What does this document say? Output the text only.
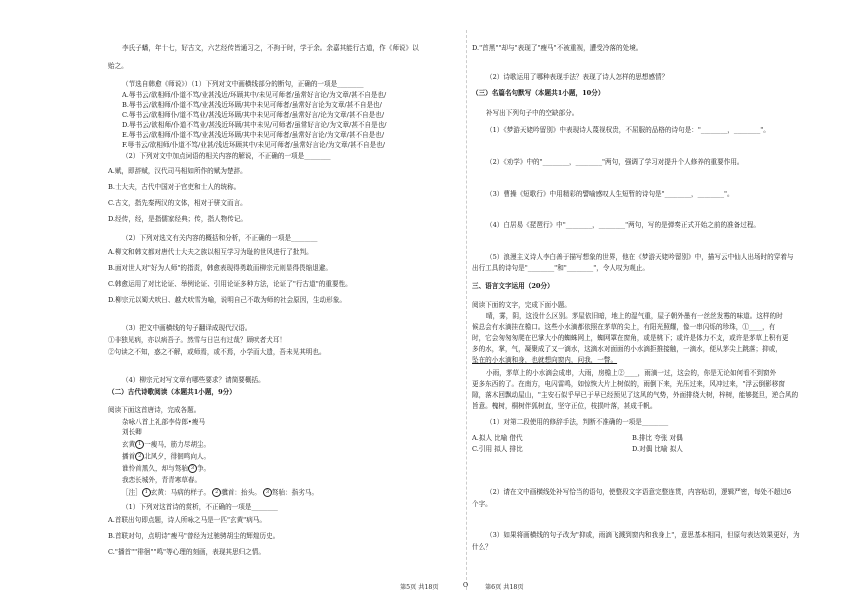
李氏子蟠，年十七，好古文，六艺经传皆通习之，不拘于时，学于余。余嘉其能行古道，作《师说》以
贻之。
（节选自韩愈《师说》）（1）下列对文中画横线部分的断句，正确的一项是________
A.辱书云/欲相师/仆道不笃/业甚浅近/环顾其中/未见可师者/虽常好言论/为文章/甚不自是也/
B.辱书云/欲相师/仆道不笃/业甚浅近环顾/其中未见可师者/虽常好言论为文章/甚不自是也/
C.辱书云/欲相师仆/道不笃业/甚浅近环顾/其中未见可师者/虽常好言/论为文章/甚不自是也/
D.辱书云/欲相师/仆道不笃业/甚浅近环顾/其中未见/可师者/虽常好言论/为文章/甚不自是也/
E.辱书云/欲相师/仆道不笃/业甚浅近环顾/其中未见可师者/虽常好言论/为文章/甚不自是也/
F.辱书云/欲相师/仆道不笃/业甚/浅近环顾其中/未见可师者/虽常好言论/为文章/甚不自是也/
（2）下列对文中加点词语的相关内容的解说，不正确的一项是________
A.赋，即辞赋，汉代司马相如所作的赋为楚辞。
B.士大夫，古代中国对于官吏和士人的统称。
C.古文，指先秦两汉的文体，相对于骈文而言。
D.经传，经，是指儒家经典；传，指人物传记。
（2）下列对选文有关内容的概括和分析，不正确的一项是________
A.柳文和韩文都对唐代士大夫之族以相互学习为耻的世风进行了批判。
B.面对世人对"好为人师"的指责，韩愈表现得勇敢而柳宗元则显得畏缩退避。
C.韩愈运用了对比论证、举例论证、引用论证多种方法，论证了"行古道"的重要性。
D.柳宗元以蜀犬吠日、越犬吠雪为喻，说明自己不敢为师的社会原因，生动形象。
（3）把文中画横线的句子翻译成现代汉语。
①非独见病，亦以病吾子。然雪与日岂有过哉？顾吠者犬耳！
②句读之不知，惑之不解，或师焉，或不焉，小学而大遗，吾未见其明也。
（4）柳宗元对写文章有哪些要求？请简要概括。
（二）古代诗歌阅读（本题共1小题，9分）
阅读下面这首唐诗，完成各题。
杂咏八首上礼部李侍郎•瘦马
刘长卿
玄黄 1 一瘦马，筋力尽胡尘。
播首 2 北风夕，徘徊鸣向人。
谁怜首黑久，却与驽骀 3 争。
我恋长城外，青青寒草春。
［注］ 1 玄黄：马病的样子。 2 骥首：抬头。 3 驽骀：指劣马。
（1）下列对这首诗的赏析，不正确的一项是________
A.首联出句即点题，诗人所咏之马是一匹"玄黄"病马。
B.首联对句，点明诗"瘦马"曾经为过驰骋胡尘的辉煌历史。
C."播首""徘徊""鸣"等心理的刻画，表现其思归之情。
D."首黑""却与"表现了"瘦马"不被重视，遭受冷落的处境。
（2）诗歌运用了哪种表现手法？表现了诗人怎样的思想感情？
（三）名篇名句默写（本题共1小题，10分）
补写出下列句子中的空缺部分。
（1）《梦游天姥吟留别》中表现诗人蔑视权贵，不屈服的品格的诗句是："________，________"。
（2）《劝学》中的"________，________"两句，强调了学习对提升个人修养的重要作用。
（3）曹操《短歌行》中用精彩的譬喻感叹人生短暂的诗句是"________，________"。
（4）白居易《琵琶行》中"________，________"两句，写的是弹奏正式开始之前的准备过程。
（5）浪漫主义诗人李白善于描写想象的世界，他在《梦游天姥吟留别》中，描写云中仙人出场时的穿着与
出行工具的诗句是"________"和"________"，令人叹为观止。
三、语言文字运用（20分）
阅读下面的文字，完成下面小题。
晴，雾，阴，这没什么区别。茅屋依旧暗，地上的湿气重，屋子朝外墨有一丝丝发霉的味道。这样的时
候总会有水滴挂在檐口。这些小水滴都依照在茅草的尖上，有阳光照耀，像一串闪烁的珍珠，①____，有
时，它会匆匆匆爬在巴掌大小的蜘蛛网上，蜘网罩在窗角，或是桃下；或许是体力不支，或许是茅草上积有更
多的水，掌，气，凝聚成了又一滴水，这滴水对面面的小水滴拒推接触，一滴水，便从茅尖上跳落；抑或，
坠在的小水滴和身，也就想向窗内，问我，一瞥。
小雨，茅草上的小水滴会成串，大雨，房檐上②____，雨滴一过，这会的，你是无论如何看不到窗外
更多东西的了。在南方，电闪雷鸣，如惊恢大片上树似的，雨倒下来，光压过来，风冲过来，"浮云倒影移窗
隙，落木回飘动屋山，"主安石似乎早已于早已经预见了这风的气势，外面排绕大树，梓树，能够挺旦，逆合风的
旨意。槐树，桐树伴狐树直，坚守正位，枝损叶落，甚成千帆。
（1）对第二段使用的修辞手法，判断不准确的一项是________
A.拟人 比喻 借代	B.排比 夸张 对偶
C.引用 拟人 排比	D.对偶 比喻 拟人
（2）请在文中画横线处补写恰当的语句，使整段文字语意完整连贯，内容贴切，逻辑严密，每处不超过6
个字。
（3）如果将画横线的句子改为"抑或，雨滴飞溅到窗内和我身上"，意思基本相同，但原句表达效果更好，为
什么？
第5页 共18页	O	第6页 共18页
